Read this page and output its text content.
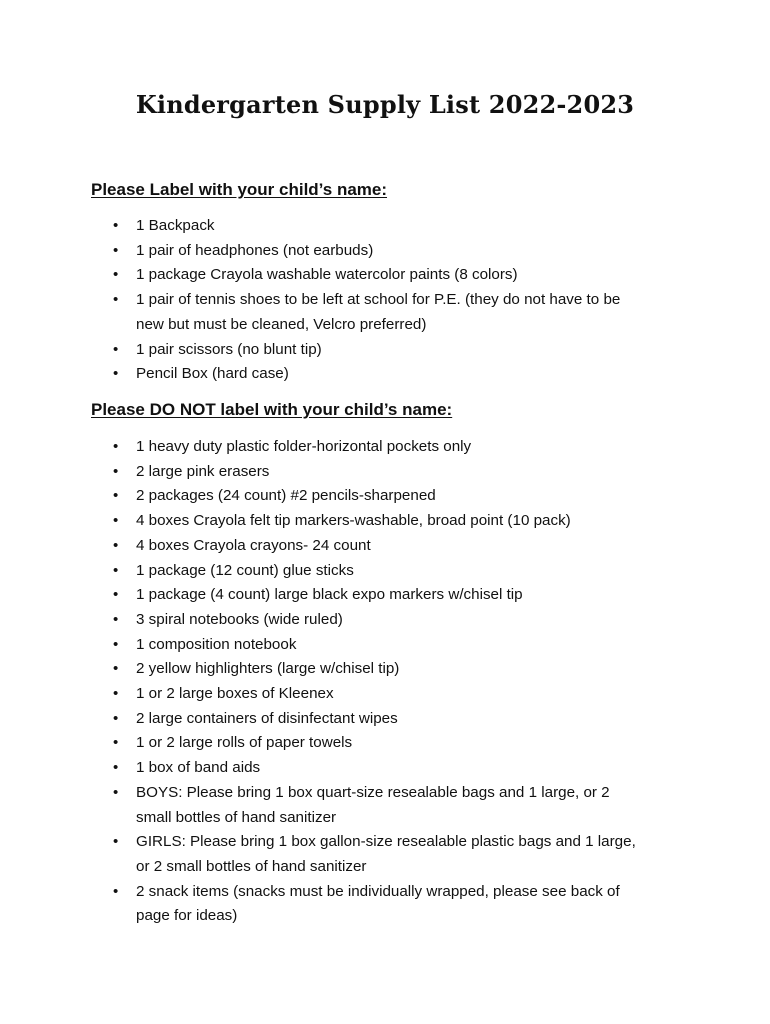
Kindergarten Supply List 2022-2023
Please Label with your child’s name:
• 1 Backpack
• 1 pair of headphones (not earbuds)
• 1 package Crayola washable watercolor paints (8 colors)
• 1 pair of tennis shoes to be left at school for P.E. (they do not have to be new but must be cleaned, Velcro preferred)
• 1 pair scissors (no blunt tip)
• Pencil Box (hard case)
Please DO NOT label with your child’s name:
• 1 heavy duty plastic folder-horizontal pockets only
• 2 large pink erasers
• 2 packages (24 count) #2 pencils-sharpened
• 4 boxes Crayola felt tip markers-washable, broad point (10 pack)
• 4 boxes Crayola crayons- 24 count
• 1 package (12 count) glue sticks
• 1 package (4 count) large black expo markers w/chisel tip
• 3 spiral notebooks (wide ruled)
• 1 composition notebook
• 2 yellow highlighters (large w/chisel tip)
• 1 or 2 large boxes of Kleenex
• 2 large containers of disinfectant wipes
• 1 or 2 large rolls of paper towels
• 1 box of band aids
• BOYS: Please bring 1 box quart-size resealable bags and 1 large, or 2 small bottles of hand sanitizer
• GIRLS: Please bring 1 box gallon-size resealable plastic bags and 1 large, or 2 small bottles of hand sanitizer
• 2 snack items (snacks must be individually wrapped, please see back of page for ideas)
